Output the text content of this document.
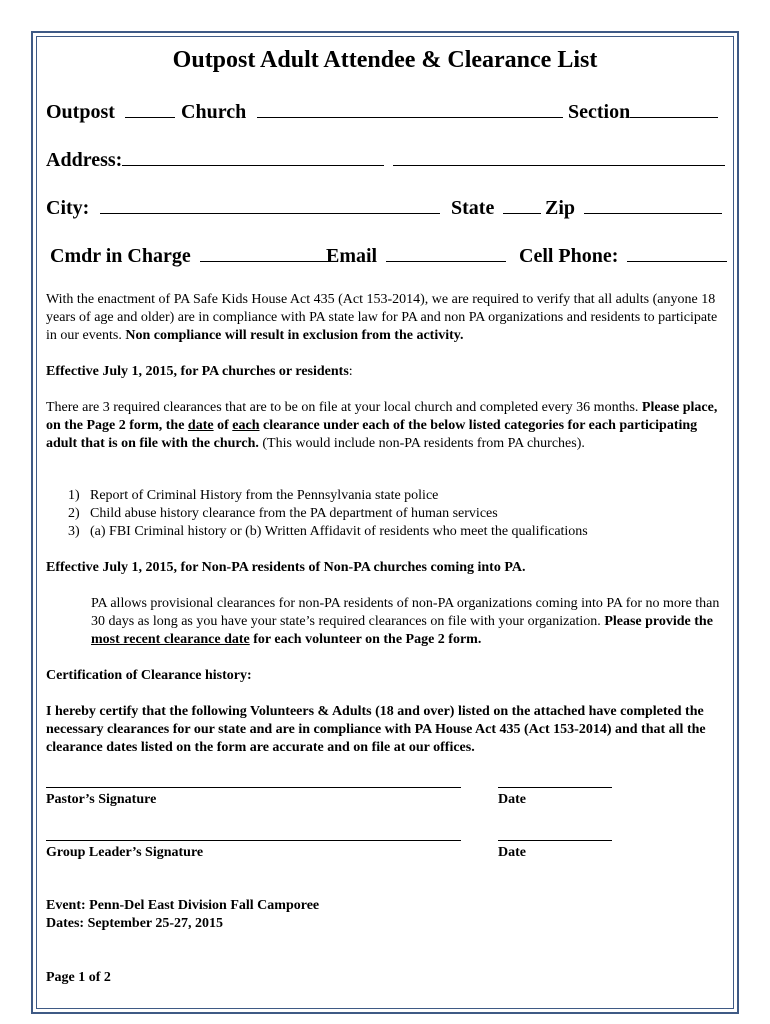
Outpost Adult Attendee & Clearance List
Outpost	Church	Section
Address:
City:	State	Zip
Cmdr in Charge	Email	Cell Phone:
With the enactment of PA Safe Kids House Act 435 (Act 153-2014), we are required to verify that all adults (anyone 18 years of age and older) are in compliance with PA state law for PA and non PA organizations and residents to participate in our events. Non compliance will result in exclusion from the activity.
Effective July 1, 2015, for PA churches or residents:
There are 3 required clearances that are to be on file at your local church and completed every 36 months. Please place, on the Page 2 form, the date of each clearance under each of the below listed categories for each participating adult that is on file with the church. (This would include non-PA residents from PA churches).
1) Report of Criminal History from the Pennsylvania state police
2) Child abuse history clearance from the PA department of human services
3) (a) FBI Criminal history or (b) Written Affidavit of residents who meet the qualifications
Effective July 1, 2015, for Non-PA residents of Non-PA churches coming into PA.
PA allows provisional clearances for non-PA residents of non-PA organizations coming into PA for no more than 30 days as long as you have your state’s required clearances on file with your organization. Please provide the most recent clearance date for each volunteer on the Page 2 form.
Certification of Clearance history:
I hereby certify that the following Volunteers & Adults (18 and over) listed on the attached have completed the necessary clearances for our state and are in compliance with PA House Act 435 (Act 153-2014) and that all the clearance dates listed on the form are accurate and on file at our offices.
Pastor’s Signature	Date
Group Leader’s Signature	Date
Event: Penn-Del East Division Fall Camporee
Dates: September 25-27, 2015
Page 1 of 2
